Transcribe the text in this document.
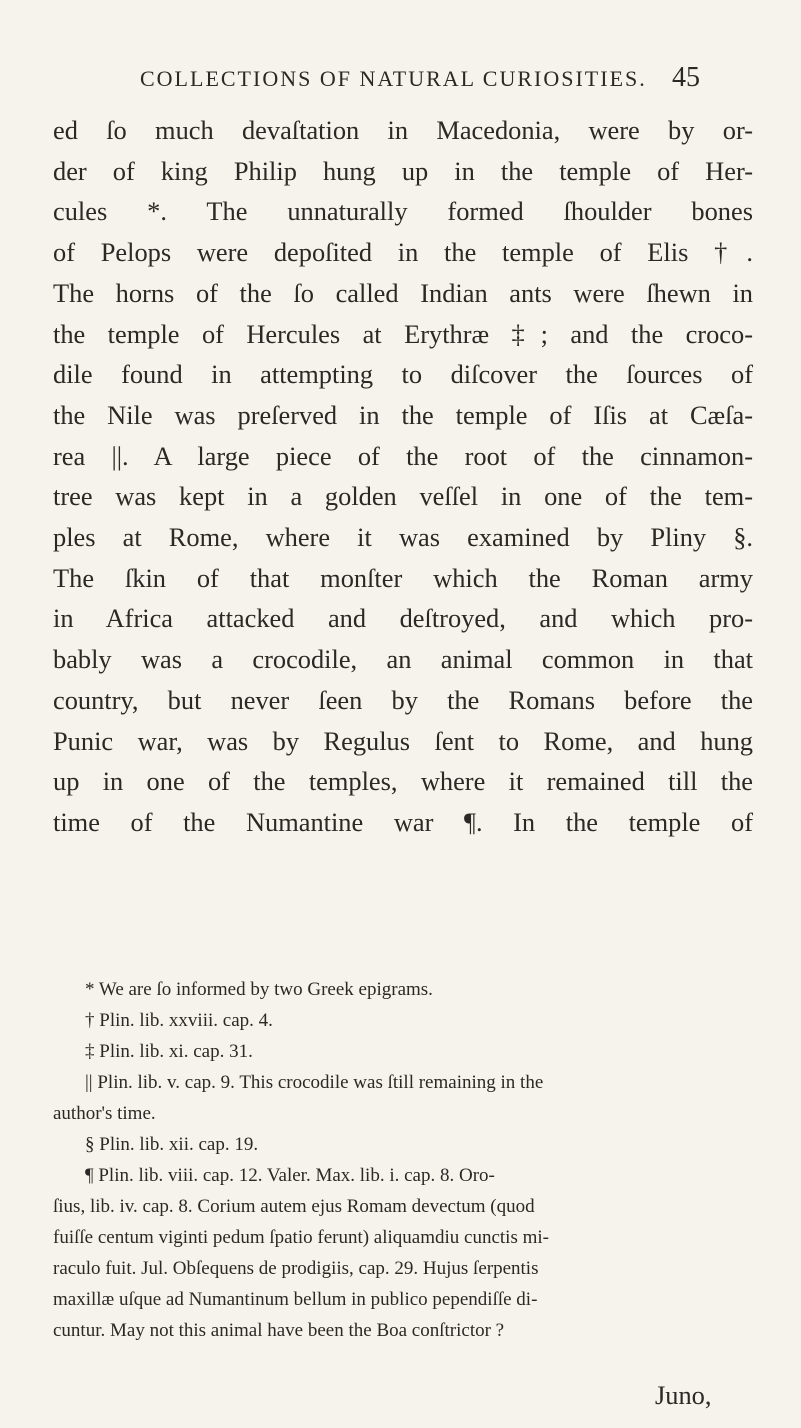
COLLECTIONS OF NATURAL CURIOSITIES. 45
ed ſo much devaſtation in Macedonia, were by or-
der of king Philip hung up in the temple of Her-
cules *. The unnaturally formed ſhoulder bones
of Pelops were depoſited in the temple of Elis †.
The horns of the ſo called Indian ants were ſhewn in
the temple of Hercules at Erythræ ‡; and the croco-
dile found in attempting to diſcover the ſources of
the Nile was preſerved in the temple of Iſis at Cæſa-
rea ||. A large piece of the root of the cinnamon-
tree was kept in a golden veſſel in one of the tem-
ples at Rome, where it was examined by Pliny §.
The ſkin of that monſter which the Roman army
in Africa attacked and deſtroyed, and which pro-
bably was a crocodile, an animal common in that
country, but never ſeen by the Romans before the
Punic war, was by Regulus ſent to Rome, and hung
up in one of the temples, where it remained till the
time of the Numantine war ¶. In the temple of
* We are ſo informed by two Greek epigrams.
† Plin. lib. xxviii. cap. 4.
‡ Plin. lib. xi. cap. 31.
|| Plin. lib. v. cap. 9. This crocodile was ſtill remaining in the
author's time.
§ Plin. lib. xii. cap. 19.
¶ Plin. lib. viii. cap. 12. Valer. Max. lib. i. cap. 8. Oro-
ſius, lib. iv. cap. 8. Corium autem ejus Romam devectum (quod
fuiſſe centum viginti pedum ſpatio ferunt) aliquamdiu cunctis mi-
raculo fuit. Jul. Obſequens de prodigiis, cap. 29. Hujus ſerpentis
maxillæ uſque ad Numantinum bellum in publico pependiſſe di-
cuntur. May not this animal have been the Boa conſtrictor ?
Juno,
